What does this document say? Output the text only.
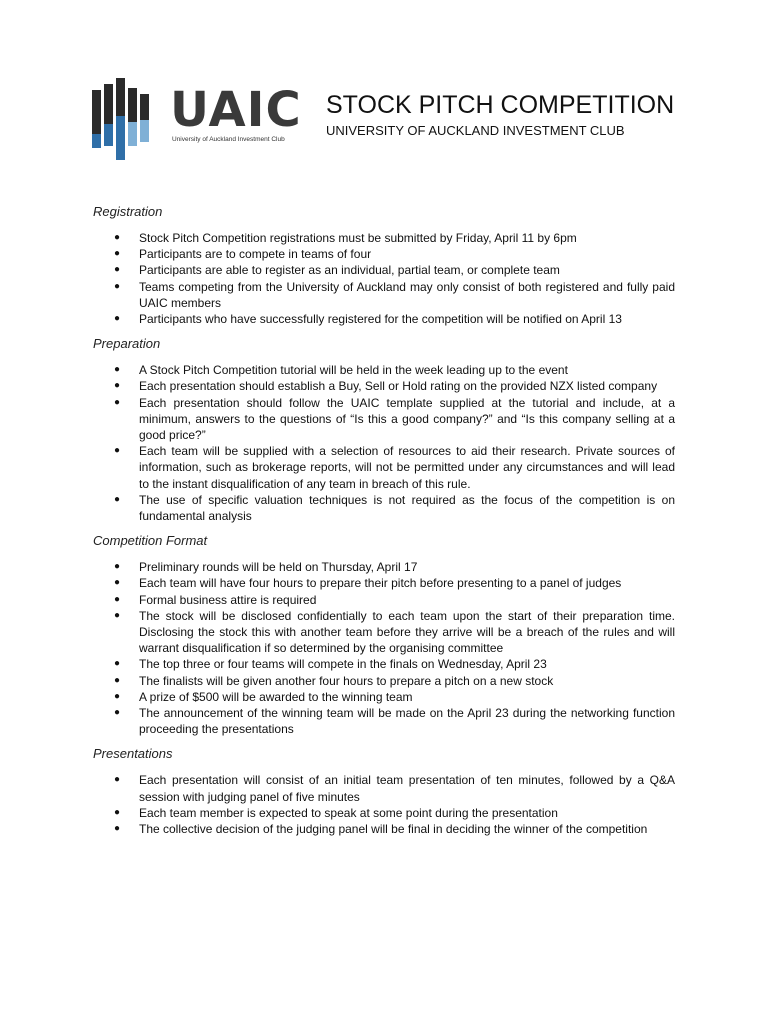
UAIC
University of Auckland Investment Club
STOCK PITCH COMPETITION
UNIVERSITY OF AUCKLAND INVESTMENT CLUB

Registration

● Stock Pitch Competition registrations must be submitted by Friday, April 11 by 6pm
● Participants are to compete in teams of four
● Participants are able to register as an individual, partial team, or complete team
● Teams competing from the University of Auckland may only consist of both registered and fully paid UAIC members
● Participants who have successfully registered for the competition will be notified on April 13

Preparation

● A Stock Pitch Competition tutorial will be held in the week leading up to the event
● Each presentation should establish a Buy, Sell or Hold rating on the provided NZX listed company
● Each presentation should follow the UAIC template supplied at the tutorial and include, at a minimum, answers to the questions of “Is this a good company?” and “Is this company selling at a good price?”
● Each team will be supplied with a selection of resources to aid their research. Private sources of information, such as brokerage reports, will not be permitted under any circumstances and will lead to the instant disqualification of any team in breach of this rule.
● The use of specific valuation techniques is not required as the focus of the competition is on fundamental analysis

Competition Format

● Preliminary rounds will be held on Thursday, April 17
● Each team will have four hours to prepare their pitch before presenting to a panel of judges
● Formal business attire is required
● The stock will be disclosed confidentially to each team upon the start of their preparation time. Disclosing the stock this with another team before they arrive will be a breach of the rules and will warrant disqualification if so determined by the organising committee
● The top three or four teams will compete in the finals on Wednesday, April 23
● The finalists will be given another four hours to prepare a pitch on a new stock
● A prize of $500 will be awarded to the winning team
● The announcement of the winning team will be made on the April 23 during the networking function proceeding the presentations

Presentations

● Each presentation will consist of an initial team presentation of ten minutes, followed by a Q&A session with judging panel of five minutes
● Each team member is expected to speak at some point during the presentation
● The collective decision of the judging panel will be final in deciding the winner of the competition
